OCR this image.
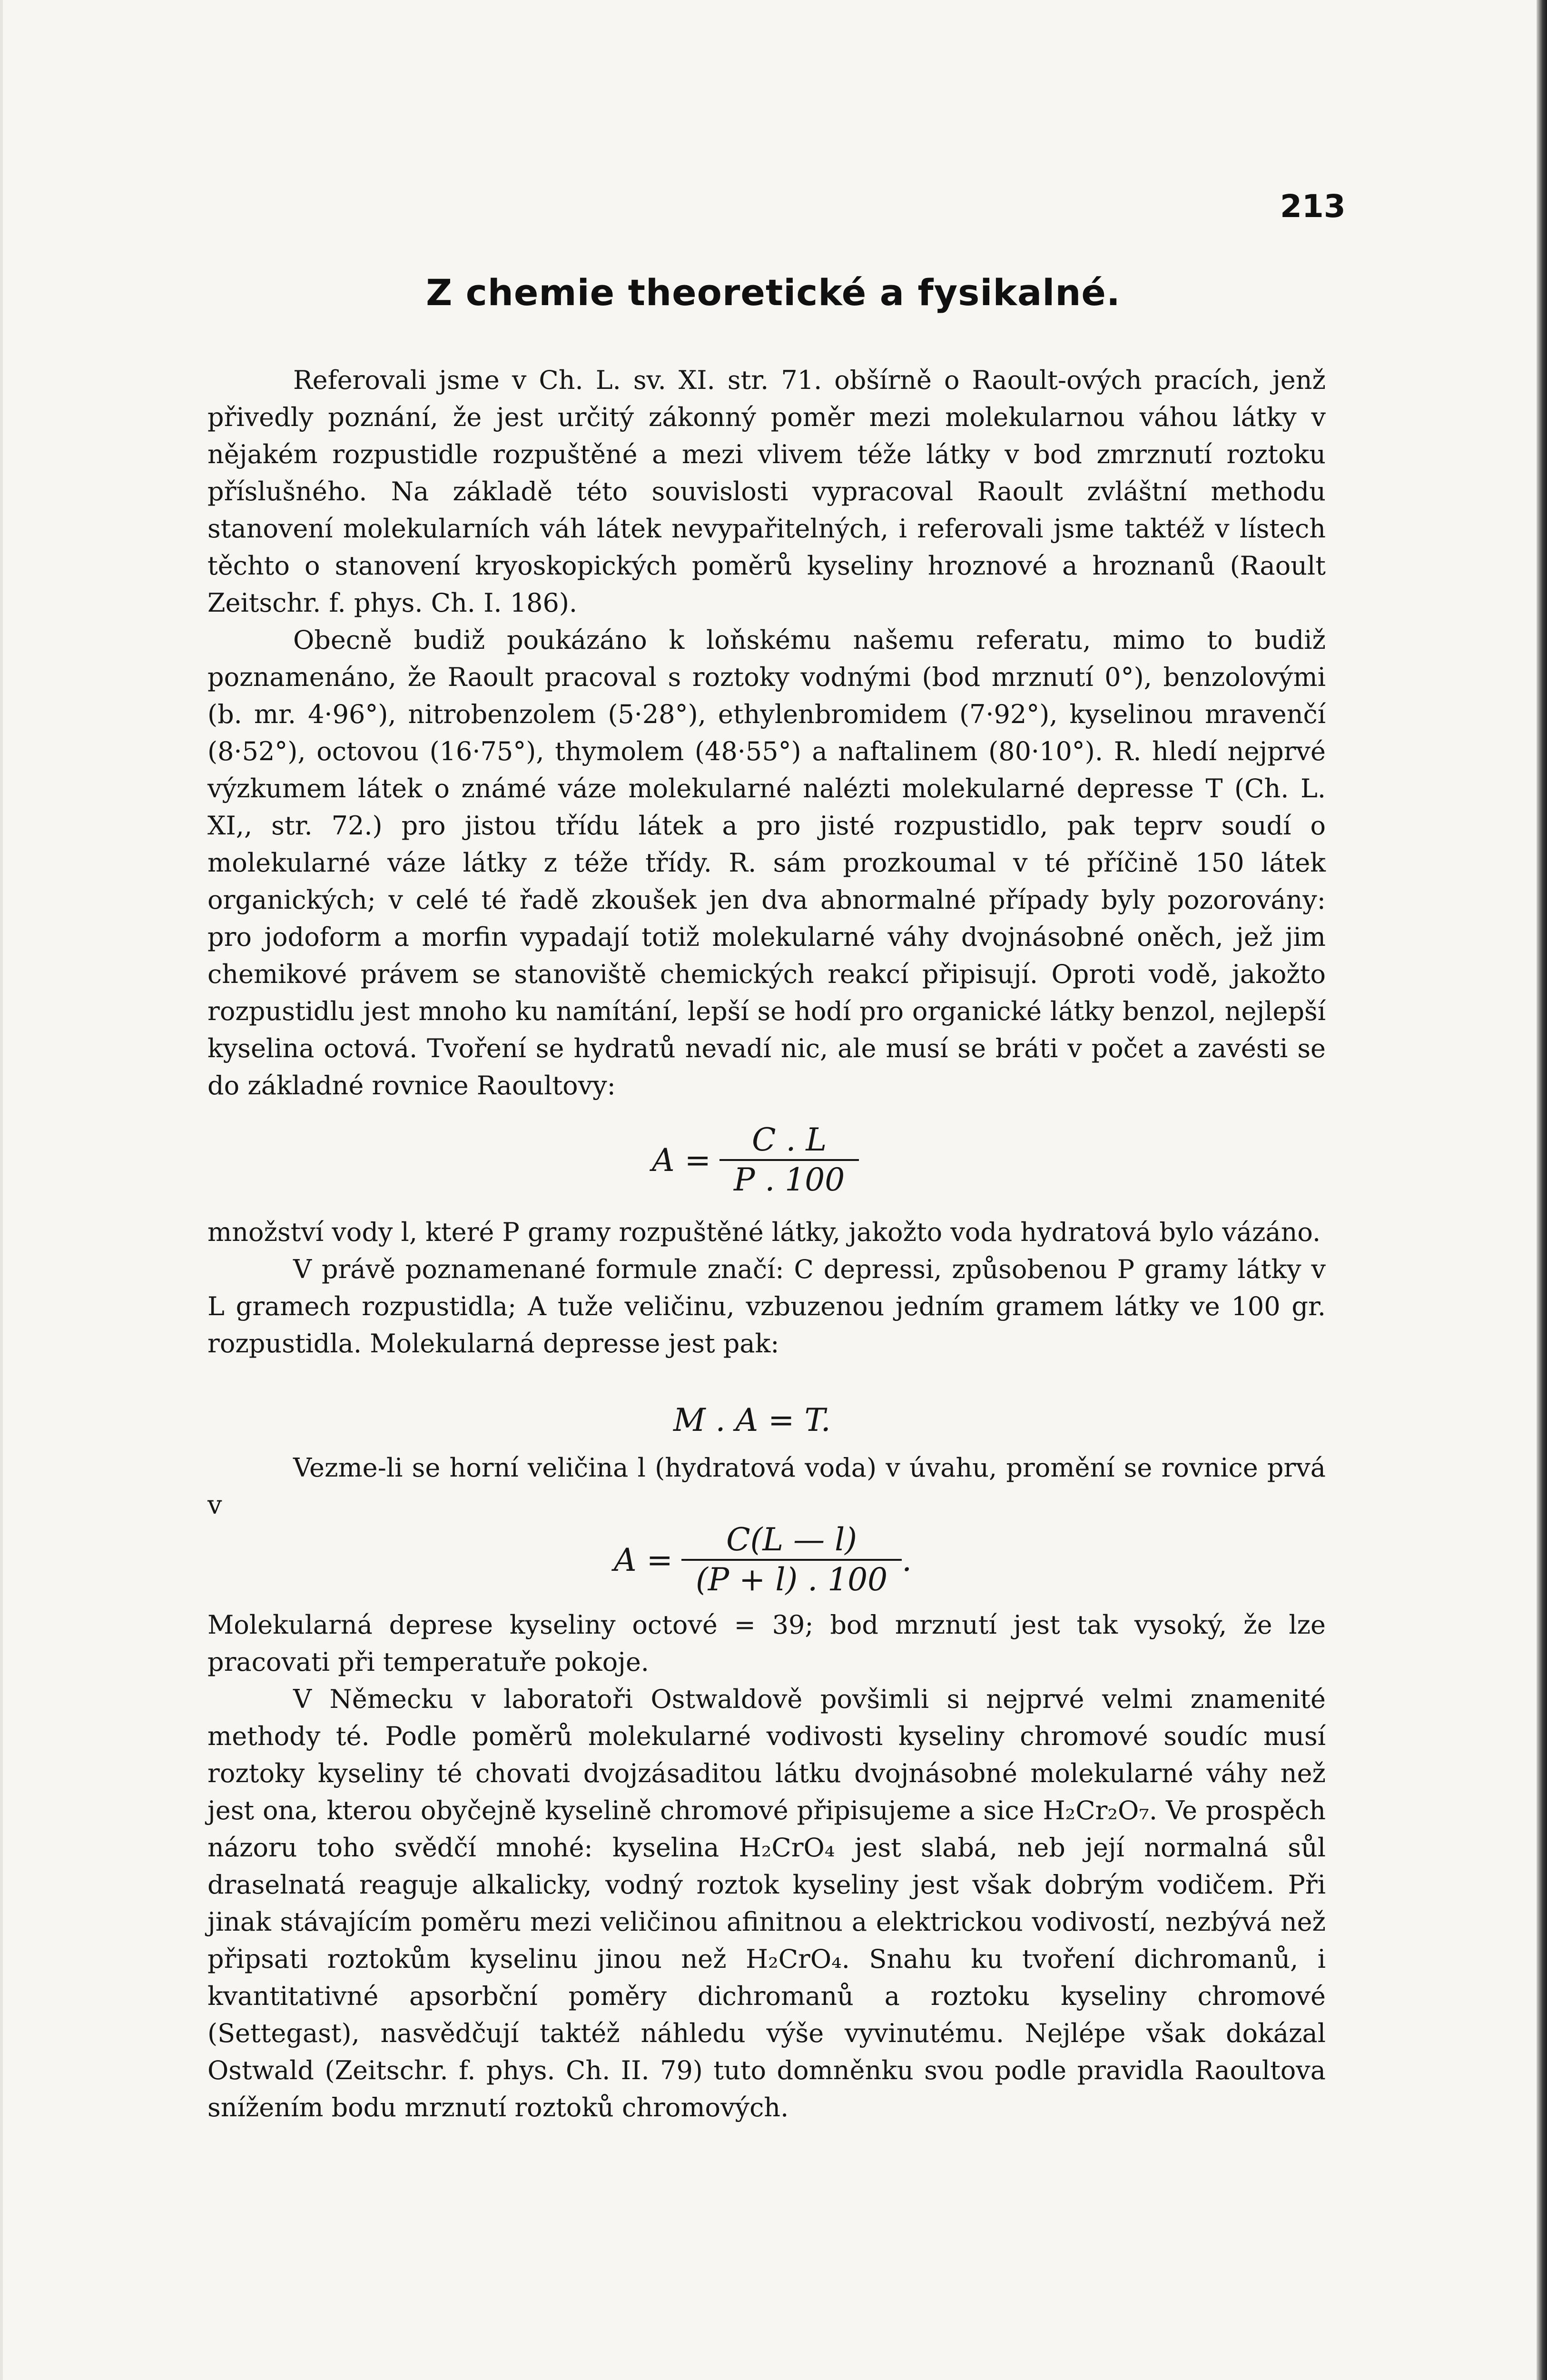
213
Z chemie theoretické a fysikalné.

Referovali jsme v Ch. L. sv. XI. str. 71. obšírně o Raoult-ových pracích, jenž přivedly poznání, že jest určitý zákonný poměr mezi molekularnou váhou látky v nějakém rozpustidle rozpuštěné a mezi vlivem téže látky v bod zmrznutí roztoku příslušného. Na základě této souvislosti vypracoval Raoult zvláštní methodu stanovení molekularních váh látek nevypařitelných, i referovali jsme taktéž v lístech těchto o stanovení kryoskopických poměrů kyseliny hroznové a hroznanů (Raoult Zeitschr. f. phys. Ch. I. 186).

Obecně budiž poukázáno k loňskému našemu referatu, mimo to budiž poznamenáno, že Raoult pracoval s roztoky vodnými (bod mrznutí 0°), benzolovými (b. mr. 4·96°), nitrobenzolem (5·28°), ethylenbromidem (7·92°), kyselinou mravenčí (8·52°), octovou (16·75°), thymolem (48·55°) a naftalinem (80·10°). R. hledí nejprvé výzkumem látek o známé váze molekularné nalézti molekularné depresse T (Ch. L. XI,, str. 72.) pro jistou třídu látek a pro jisté rozpustidlo, pak teprv soudí o molekularné váze látky z téže třídy. R. sám prozkoumal v té příčině 150 látek organických; v celé té řadě zkoušek jen dva abnormalné případy byly pozorovány: pro jodoform a morfin vypadají totiž molekularné váhy dvojnásobné oněch, jež jim chemikové právem se stanoviště chemických reakcí připisují. Oproti vodě, jakožto rozpustidlu jest mnoho ku namítání, lepší se hodí pro organické látky benzol, nejlepší kyselina octová. Tvoření se hydratů nevadí nic, ale musí se bráti v počet a zavésti se do základné rovnice Raoultovy:

$A = \frac{C . L}{P . 100}$

množství vody l, které P gramy rozpuštěné látky, jakožto voda hydratová bylo vázáno.

V právě poznamenané formule značí: C depressi, způsobenou P gramy látky v L gramech rozpustidla; A tuže veličinu, vzbuzenou jedním gramem látky ve 100 gr. rozpustidla. Molekularná depresse jest pak:

M . A = T.

Vezme-li se horní veličina l (hydratová voda) v úvahu, promění se rovnice prvá v

$A = \frac{C(L — l)}{(P + l) . 100}$ .

Molekularná deprese kyseliny octové = 39; bod mrznutí jest tak vysoký, že lze pracovati při temperatuře pokoje.

V Německu v laboratoři Ostwaldově povšimli si nejprvé velmi znamenité methody té. Podle poměrů molekularné vodivosti kyseliny chromové soudíc musí roztoky kyseliny té chovati dvojzásaditou látku dvojnásobné molekularné váhy než jest ona, kterou obyčejně kyselině chromové připisujeme a sice H₂Cr₂O₇. Ve prospěch názoru toho svědčí mnohé: kyselina H₂CrO₄ jest slabá, neb její normalná sůl draselnatá reaguje alkalicky, vodný roztok kyseliny jest však dobrým vodičem. Při jinak stávajícím poměru mezi veličinou afinitnou a elektrickou vodivostí, nezbývá než připsati roztokům kyselinu jinou než H₂CrO₄. Snahu ku tvoření dichromanů, i kvantitativné apsorbční poměry dichromanů a roztoku kyseliny chromové (Settegast), nasvědčují taktéž náhledu výše vyvinutému. Nejlépe však dokázal Ostwald (Zeitschr. f. phys. Ch. II. 79) tuto domněnku svou podle pravidla Raoultova snížením bodu mrznutí roztoků chromových.
